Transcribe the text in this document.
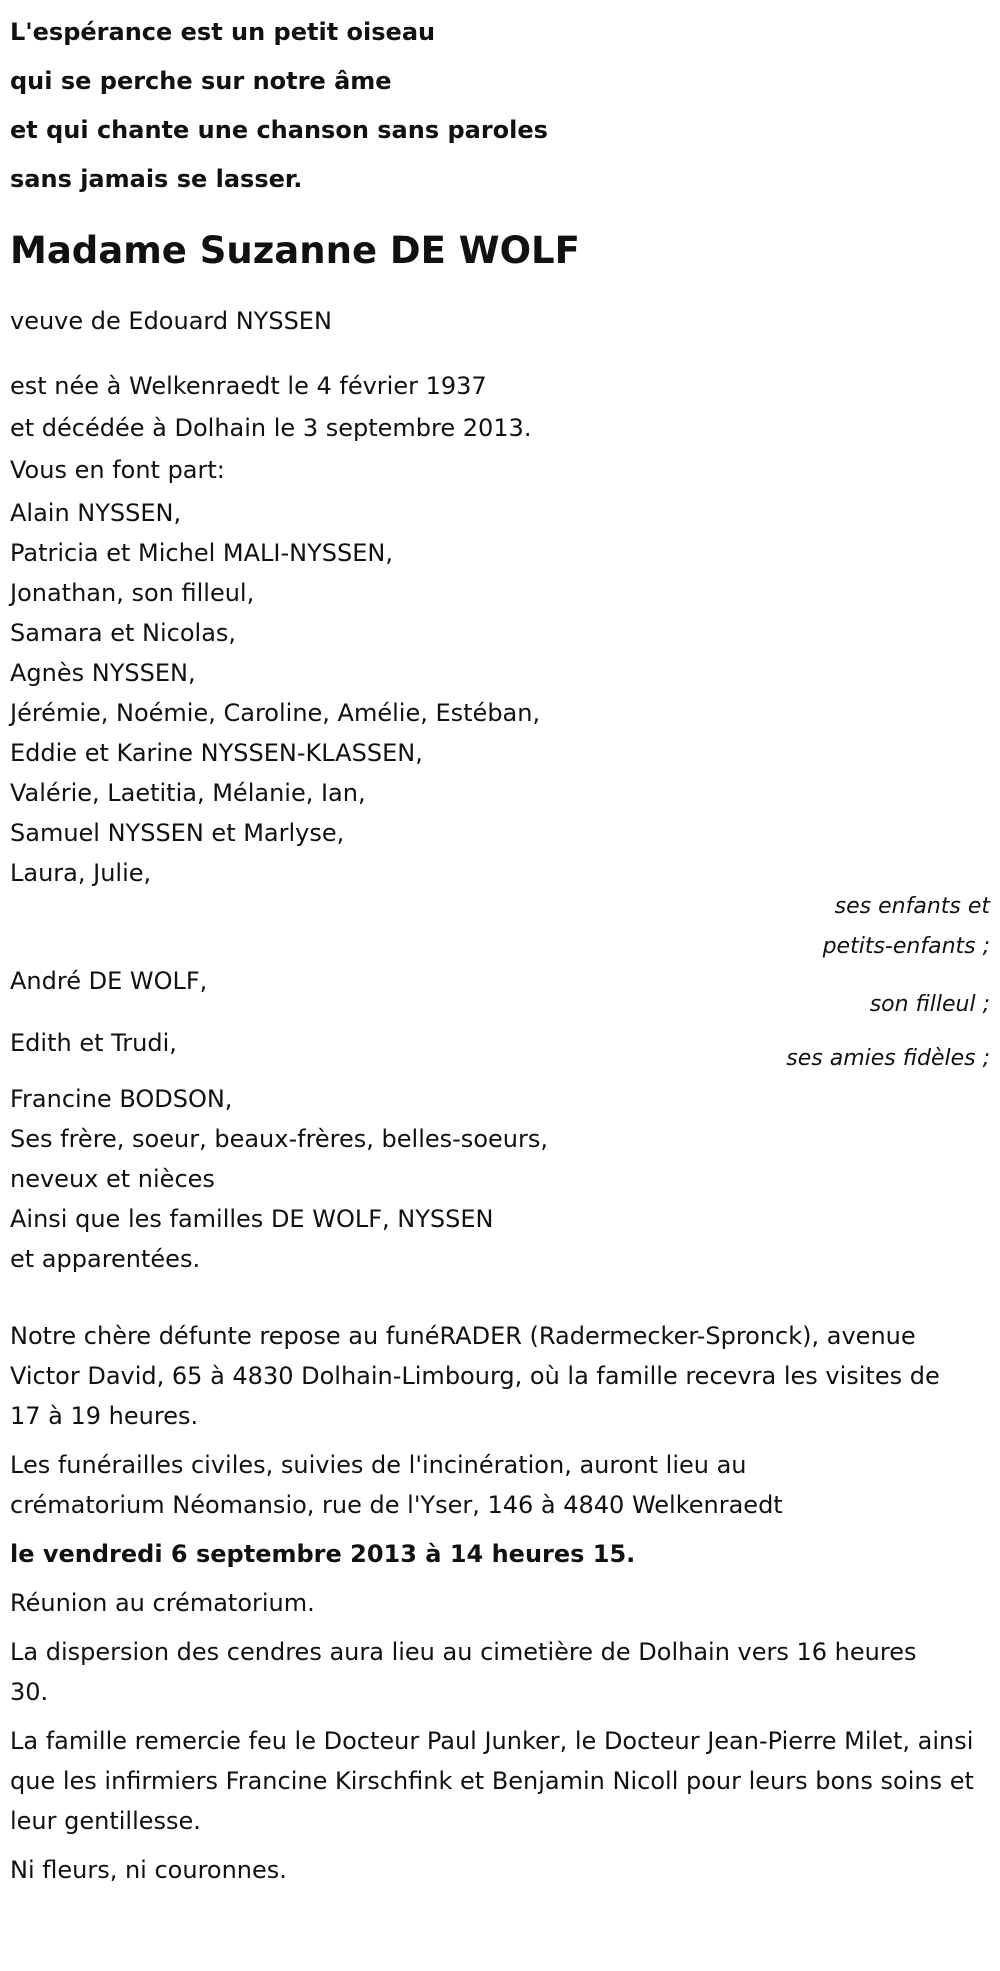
L'espérance est un petit oiseau
qui se perche sur notre âme
et qui chante une chanson sans paroles
sans jamais se lasser.
Madame Suzanne DE WOLF
veuve de Edouard NYSSEN
est née à Welkenraedt le 4 février 1937
et décédée à Dolhain le 3 septembre 2013.
Vous en font part:
Alain NYSSEN,
Patricia et Michel MALI-NYSSEN,
Jonathan, son filleul,
Samara et Nicolas,
Agnès NYSSEN,
Jérémie, Noémie, Caroline, Amélie, Estéban,
Eddie et Karine NYSSEN-KLASSEN,
Valérie, Laetitia, Mélanie, Ian,
Samuel NYSSEN et Marlyse,
Laura, Julie,
ses enfants et
petits-enfants ;
André DE WOLF,
son filleul ;
Edith et Trudi,
ses amies fidèles ;
Francine BODSON,
Ses frère, soeur, beaux-frères, belles-soeurs,
neveux et nièces
Ainsi que les familles DE WOLF, NYSSEN
et apparentées.
Notre chère défunte repose au funéRADER (Radermecker-Spronck), avenue Victor David, 65 à 4830 Dolhain-Limbourg, où la famille recevra les visites de 17 à 19 heures.
Les funérailles civiles, suivies de l'incinération, auront lieu au crématorium Néomansio, rue de l'Yser, 146 à 4840 Welkenraedt
le vendredi 6 septembre 2013 à 14 heures 15.
Réunion au crématorium.
La dispersion des cendres aura lieu au cimetière de Dolhain vers 16 heures 30.
La famille remercie feu le Docteur Paul Junker, le Docteur Jean-Pierre Milet, ainsi que les infirmiers Francine Kirschfink et Benjamin Nicoll pour leurs bons soins et leur gentillesse.
Ni fleurs, ni couronnes.
